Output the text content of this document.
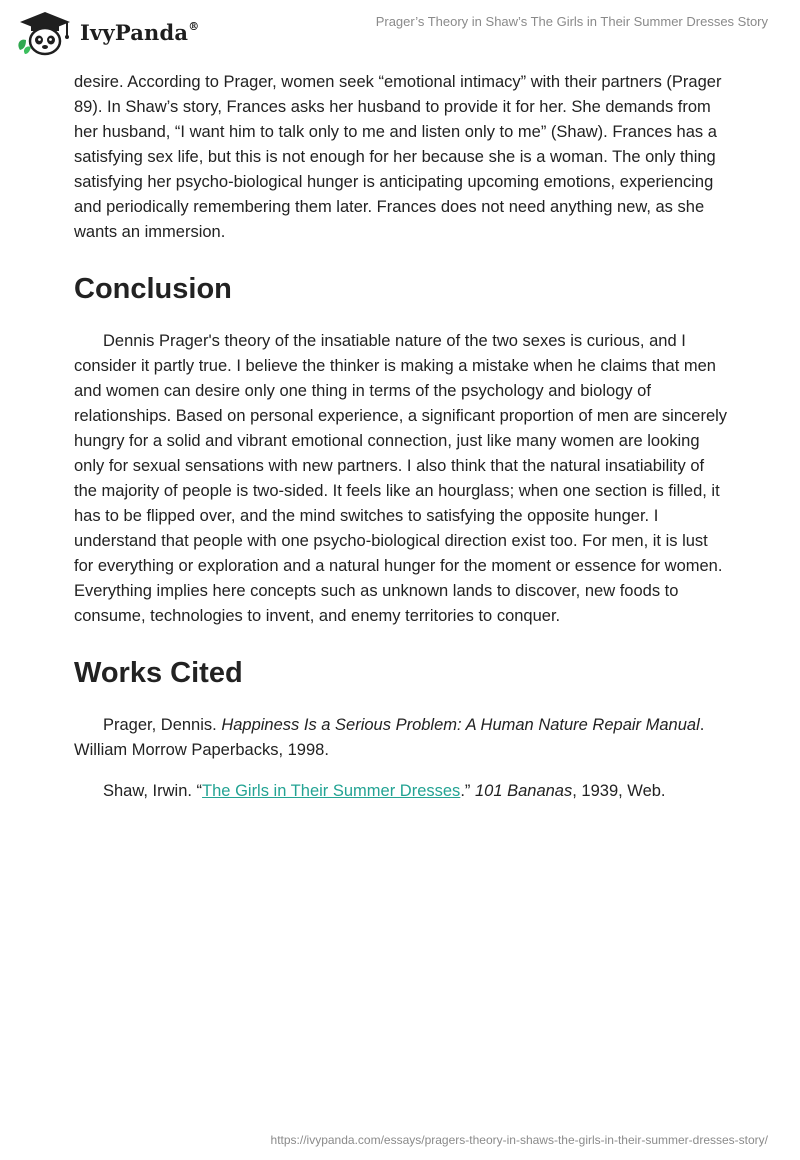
IvyPanda®	Prager’s Theory in Shaw’s The Girls in Their Summer Dresses Story

desire. According to Prager, women seek “emotional intimacy” with their partners (Prager 89). In Shaw’s story, Frances asks her husband to provide it for her. She demands from her husband, “I want him to talk only to me and listen only to me” (Shaw). Frances has a satisfying sex life, but this is not enough for her because she is a woman. The only thing satisfying her psycho-biological hunger is anticipating upcoming emotions, experiencing and periodically remembering them later. Frances does not need anything new, as she wants an immersion.

Conclusion

Dennis Prager's theory of the insatiable nature of the two sexes is curious, and I consider it partly true. I believe the thinker is making a mistake when he claims that men and women can desire only one thing in terms of the psychology and biology of relationships. Based on personal experience, a significant proportion of men are sincerely hungry for a solid and vibrant emotional connection, just like many women are looking only for sexual sensations with new partners. I also think that the natural insatiability of the majority of people is two-sided. It feels like an hourglass; when one section is filled, it has to be flipped over, and the mind switches to satisfying the opposite hunger. I understand that people with one psycho-biological direction exist too. For men, it is lust for everything or exploration and a natural hunger for the moment or essence for women. Everything implies here concepts such as unknown lands to discover, new foods to consume, technologies to invent, and enemy territories to conquer.

Works Cited

Prager, Dennis. Happiness Is a Serious Problem: A Human Nature Repair Manual. William Morrow Paperbacks, 1998.

Shaw, Irwin. “The Girls in Their Summer Dresses.” 101 Bananas, 1939, Web.

https://ivypanda.com/essays/pragers-theory-in-shaws-the-girls-in-their-summer-dresses-story/
